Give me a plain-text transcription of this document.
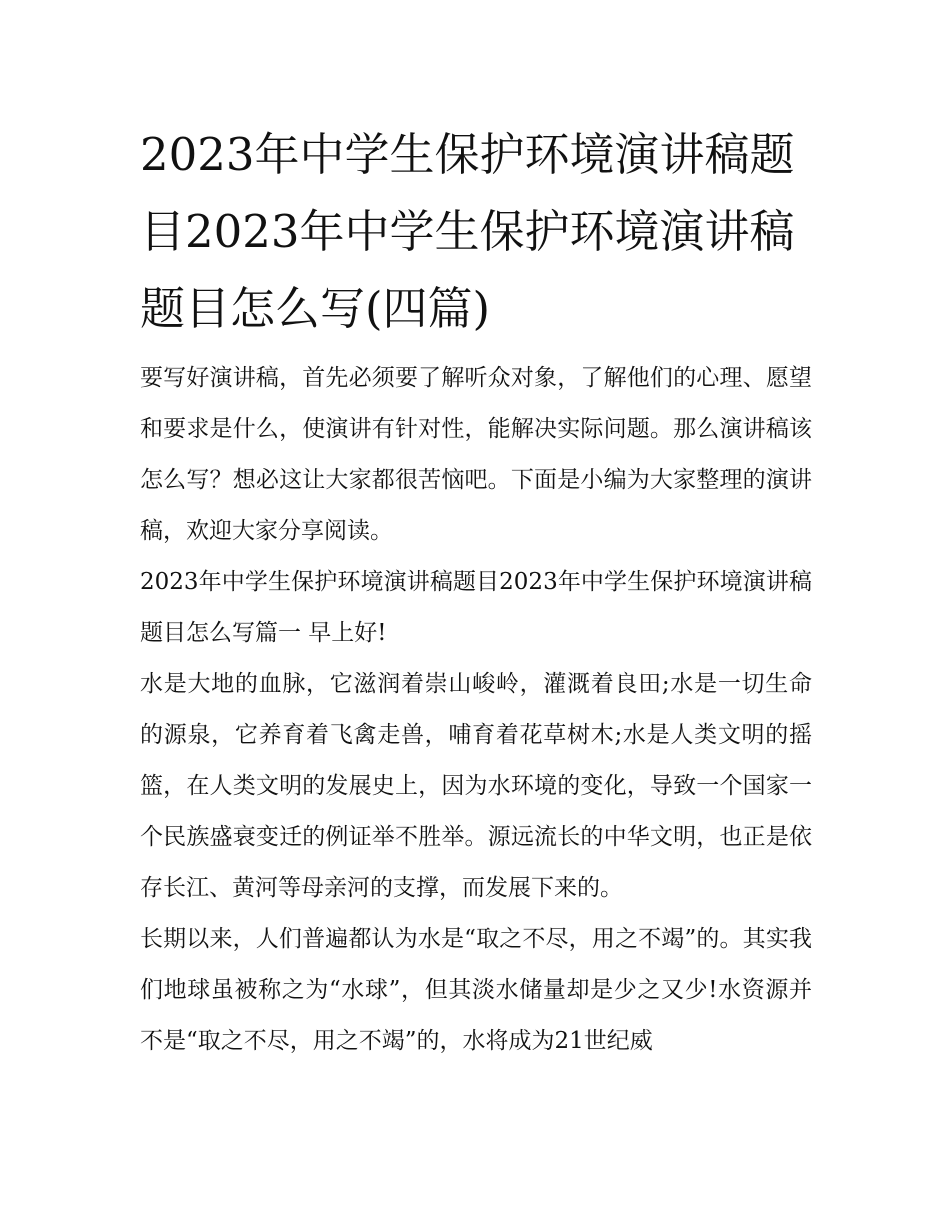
2023年中学生保护环境演讲稿题目2023年中学生保护环境演讲稿题目怎么写(四篇)

要写好演讲稿，首先必须要了解听众对象，了解他们的心理、愿望和要求是什么，使演讲有针对性，能解决实际问题。那么演讲稿该怎么写？想必这让大家都很苦恼吧。下面是小编为大家整理的演讲稿，欢迎大家分享阅读。

2023年中学生保护环境演讲稿题目2023年中学生保护环境演讲稿题目怎么写篇一 早上好!

水是大地的血脉，它滋润着崇山峻岭，灌溉着良田;水是一切生命的源泉，它养育着飞禽走兽，哺育着花草树木;水是人类文明的摇篮，在人类文明的发展史上，因为水环境的变化，导致一个国家一个民族盛衰变迁的例证举不胜举。源远流长的中华文明，也正是依存长江、黄河等母亲河的支撑，而发展下来的。

长期以来，人们普遍都认为水是“取之不尽，用之不竭”的。其实我们地球虽被称之为“水球”，但其淡水储量却是少之又少!水资源并不是“取之不尽，用之不竭”的，水将成为21世纪威
